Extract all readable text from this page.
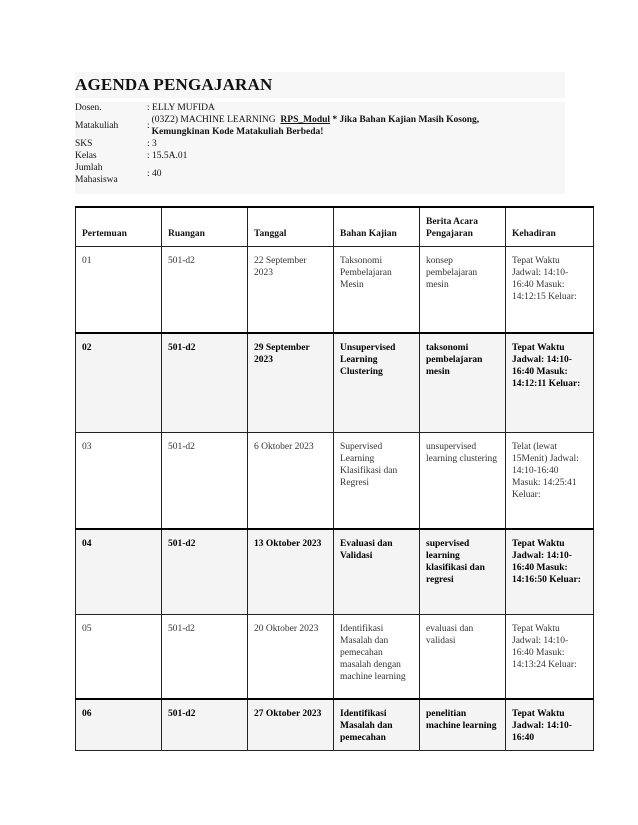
AGENDA PENGAJARAN
Dosen.	: ELLY MUFIDA
Matakuliah	:
(03Z2) MACHINE LEARNING RPS_Modul * Jika Bahan Kajian Masih Kosong,
Kemungkinan Kode Matakuliah Berbeda!
SKS	: 3
Kelas	: 15.5A.01
Jumlah
Mahasiswa
: 40
Pertemuan	Ruangan	Tanggal	Bahan Kajian	Berita Acara Pengajaran	Kehadiran
01	501-d2	22 September 2023	Taksonomi Pembelajaran Mesin	konsep pembelajaran mesin	Tepat Waktu Jadwal: 14:10-16:40 Masuk: 14:12:15 Keluar:
02	501-d2	29 September 2023	Unsupervised Learning Clustering	taksonomi pembelajaran mesin	Tepat Waktu Jadwal: 14:10-16:40 Masuk: 14:12:11 Keluar:
03	501-d2	6 Oktober 2023	Supervised Learning Klasifikasi dan Regresi	unsupervised learning clustering	Telat (lewat 15Menit) Jadwal: 14:10-16:40 Masuk: 14:25:41 Keluar:
04	501-d2	13 Oktober 2023	Evaluasi dan Validasi	supervised learning klasifikasi dan regresi	Tepat Waktu Jadwal: 14:10-16:40 Masuk: 14:16:50 Keluar:
05	501-d2	20 Oktober 2023	Identifikasi Masalah dan pemecahan masalah dengan machine learning	evaluasi dan validasi	Tepat Waktu Jadwal: 14:10-16:40 Masuk: 14:13:24 Keluar:
06	501-d2	27 Oktober 2023	Identifikasi Masalah dan pemecahan	penelitian machine learning	Tepat Waktu Jadwal: 14:10-16:40
